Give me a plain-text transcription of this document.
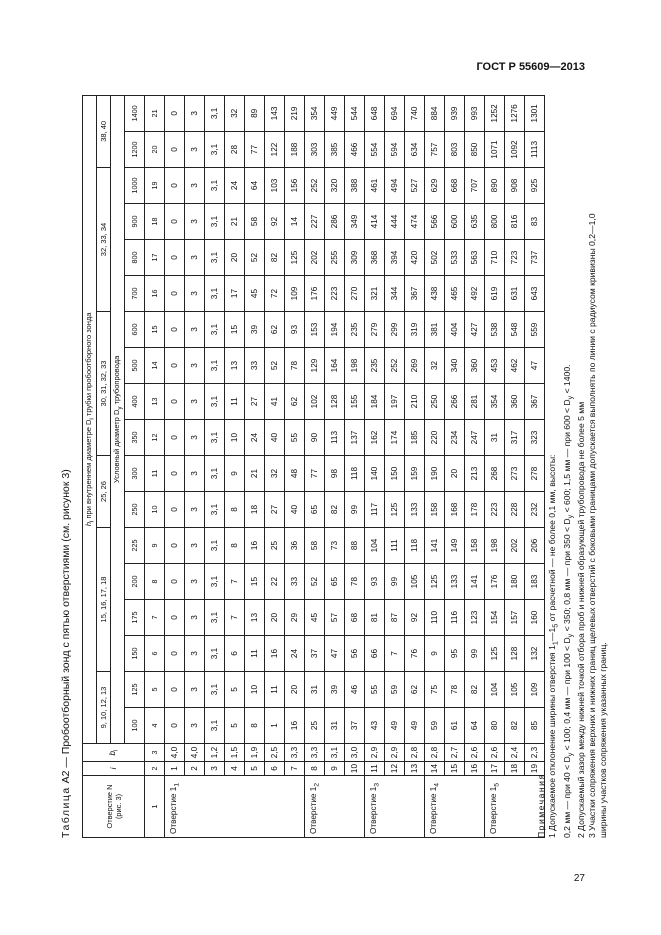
ГОСТ Р 55609—2013
Таблица А2 — Пробоотборный зонд с пятью отверстиями (см. рисунок 3)
Отверстие N (рис. 3)	i	$b_i$	$h_i$ при внутреннем диаметре $D_i$ трубки пробоотборного зонда																	
			9, 10, 12, 13		15, 16, 17, 18				25, 26		30, 31, 32, 33				32, 33, 34				38, 40	
			Условный диаметр $D_y$ трубопровода																	
			100	125	150	175	200	225	250	300	350	400	500	600	700	800	900	1000	1200	1400
1	2	3	4	5	6	7	8	9	10	11	12	13	14	15	16	17	18	19	20	21
Отверстие $1_1$	1	4,0	0	0	0	0	0	0	0	0	0	0	0	0	0	0	0	0	0	0
	2	4,0	3	3	3	3	3	3	3	3	3	3	3	3	3	3	3	3	3	3
	3	1,2	3,1	3,1	3,1	3,1	3,1	3,1	3,1	3,1	3,1	3,1	3,1	3,1	3,1	3,1	3,1	3,1	3,1	3,1
	4	1,5	5	5	6	7	7	8	8	9	10	11	13	15	17	20	21	24	28	32
	5	1,9	8	10	11	13	15	16	18	21	24	27	33	39	45	52	58	64	77	89
	6	2,5	1	11	16	20	22	25	27	32	40	41	52	62	72	82	92	103	122	143
	7	3,3	16	20	24	29	33	36	40	48	55	62	78	93	109	125	14	156	188	219
Отверстие $1_2$	8	3,3	25	31	37	45	52	58	65	77	90	102	129	153	176	202	227	252	303	354
	9	3,1	31	39	47	57	65	73	82	98	113	128	164	194	223	255	286	320	385	449
	10	3,0	37	46	56	68	78	88	99	118	137	155	198	235	270	309	349	388	466	544
Отверстие $1_3$	11	2,9	43	55	66	81	93	104	117	140	162	184	235	279	321	368	414	461	554	648
	12	2,9	49	59	7	87	99	111	125	150	174	197	252	299	344	394	444	494	594	694
	13	2,8	49	62	76	92	105	118	133	159	185	210	269	319	367	420	474	527	634	740
Отверстие $1_4$	14	2,8	59	75	9	110	125	141	158	190	220	250	32	381	438	502	566	629	757	884
	15	2,7	61	78	95	116	133	149	168	20	234	266	340	404	465	533	600	668	803	939
	16	2,6	64	82	99	123	141	158	178	213	247	281	360	427	492	563	635	707	850	993
Отверстие $1_5$	17	2,6	80	104	125	154	176	198	223	268	31	354	453	538	619	710	800	890	1071	1252
	18	2,4	82	105	128	157	180	202	228	273	317	360	462	548	631	723	816	908	1092	1276
	19	2,3	85	109	132	160	183	206	232	278	323	367	47	559	643	737	83	925	1113	1301
Примечания 1 Допускаемое отклонение ширины отверстия $1_1—1_5$ от расчетной — не более 0,1 мм, высоты:
0,2 мм — при $40 < D_y < 100$; 0,4 мм — при $100 < D_y < 350$; 0,8 мм — при $350 < D_y < 600$; 1,5 мм — при $600 < D_y < 1400$.
2 Допускаемый зазор между нижней точкой отбора проб и нижней образующей трубопровода не более 5 мм 3 Участки сопряжения верхних и нижних границ щелевых отверстий с боковыми границами допускается выполнять по линии с радиусом кривизны 0,2—1,0 ширины участков сопряжения указанных границ.
27
